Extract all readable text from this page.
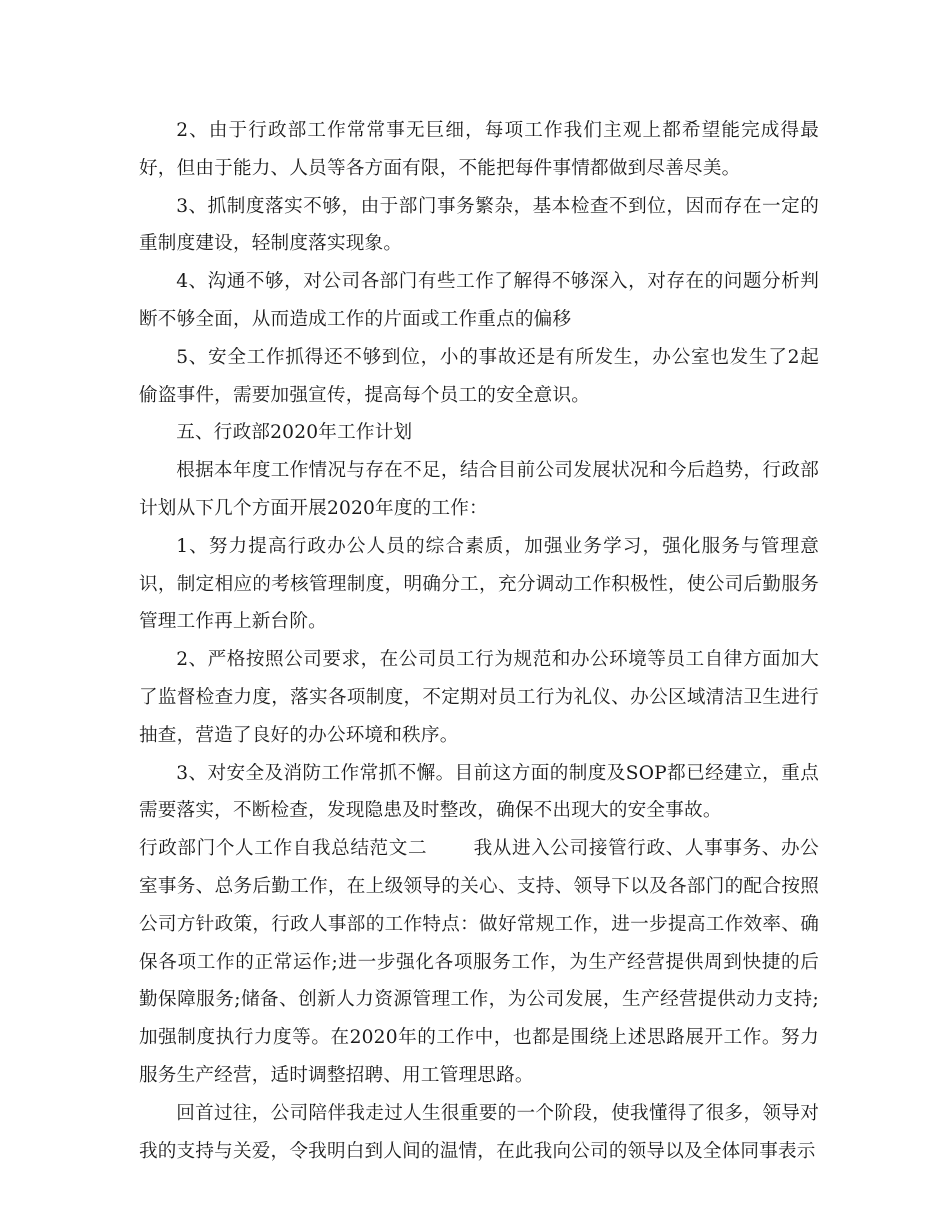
2、由于行政部工作常常事无巨细，每项工作我们主观上都希望能完成得最好，但由于能力、人员等各方面有限，不能把每件事情都做到尽善尽美。

3、抓制度落实不够，由于部门事务繁杂，基本检查不到位，因而存在一定的重制度建设，轻制度落实现象。

4、沟通不够，对公司各部门有些工作了解得不够深入，对存在的问题分析判断不够全面，从而造成工作的片面或工作重点的偏移

5、安全工作抓得还不够到位，小的事故还是有所发生，办公室也发生了2起偷盗事件，需要加强宣传，提高每个员工的安全意识。

五、行政部2020年工作计划

根据本年度工作情况与存在不足，结合目前公司发展状况和今后趋势，行政部计划从下几个方面开展2020年度的工作：

1、努力提高行政办公人员的综合素质，加强业务学习，强化服务与管理意识，制定相应的考核管理制度，明确分工，充分调动工作积极性，使公司后勤服务管理工作再上新台阶。

2、严格按照公司要求，在公司员工行为规范和办公环境等员工自律方面加大了监督检查力度，落实各项制度，不定期对员工行为礼仪、办公区域清洁卫生进行抽查，营造了良好的办公环境和秩序。

3、对安全及消防工作常抓不懈。目前这方面的制度及SOP都已经建立，重点需要落实，不断检查，发现隐患及时整改，确保不出现大的安全事故。

行政部门个人工作自我总结范文二 我从进入公司接管行政、人事事务、办公室事务、总务后勤工作，在上级领导的关心、支持、领导下以及各部门的配合按照公司方针政策，行政人事部的工作特点：做好常规工作，进一步提高工作效率、确保各项工作的正常运作;进一步强化各项服务工作，为生产经营提供周到快捷的后勤保障服务;储备、创新人力资源管理工作，为公司发展，生产经营提供动力支持;加强制度执行力度等。在2020年的工作中，也都是围绕上述思路展开工作。努力服务生产经营，适时调整招聘、用工管理思路。

回首过往，公司陪伴我走过人生很重要的一个阶段，使我懂得了很多，领导对我的支持与关爱，令我明白到人间的温情，在此我向公司的领导以及全体同事表示
